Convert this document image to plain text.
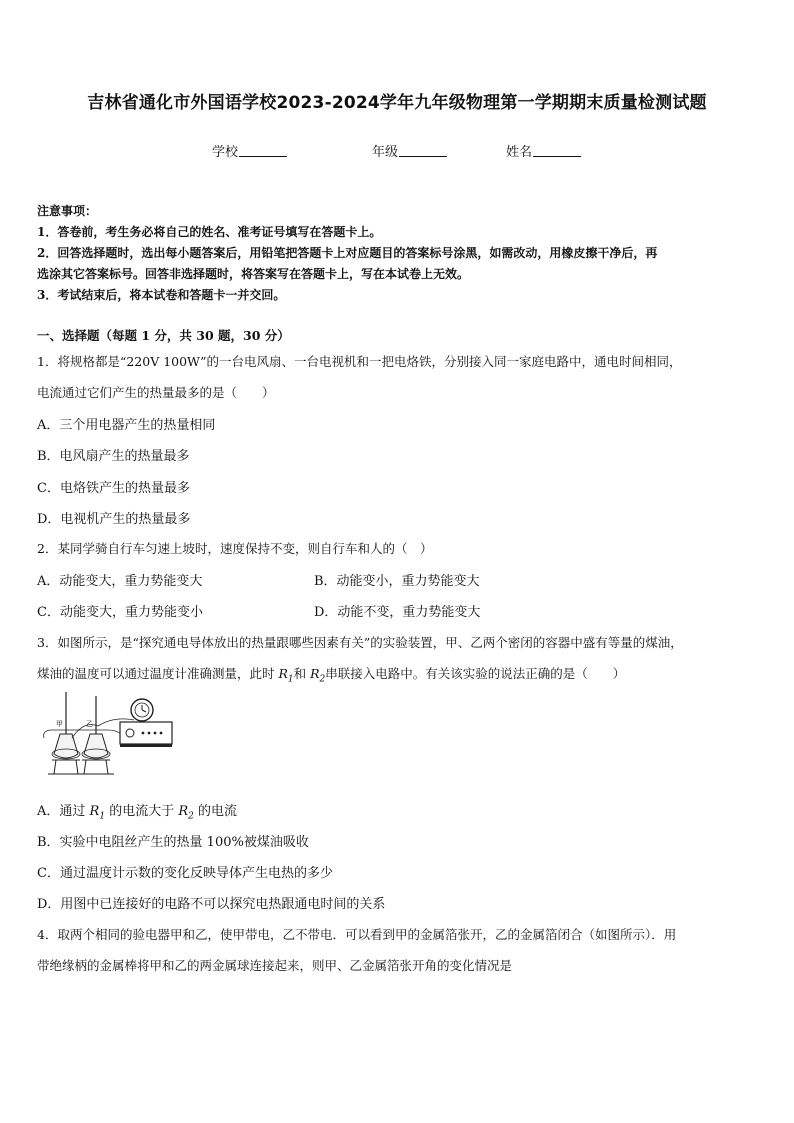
吉林省通化市外国语学校2023-2024学年九年级物理第一学期期末质量检测试题
学校	年级	姓名
注意事项：
1．答卷前，考生务必将自己的姓名、准考证号填写在答题卡上。
2．回答选择题时，选出每小题答案后，用铅笔把答题卡上对应题目的答案标号涂黑，如需改动，用橡皮擦干净后，再
选涂其它答案标号。回答非选择题时，将答案写在答题卡上，写在本试卷上无效。
3．考试结束后，将本试卷和答题卡一并交回。
一、选择题（每题 1 分，共 30 题，30 分）
1．将规格都是“220V 100W”的一台电风扇、一台电视机和一把电烙铁，分别接入同一家庭电路中，通电时间相同，
电流通过它们产生的热量最多的是（　　）
A．三个用电器产生的热量相同
B．电风扇产生的热量最多
C．电烙铁产生的热量最多
D．电视机产生的热量最多
2．某同学骑自行车匀速上坡时，速度保持不变，则自行车和人的（　）
A．动能变大，重力势能变大	B．动能变小，重力势能变大
C．动能变大，重力势能变小	D．动能不变，重力势能变大
3．如图所示，是“探究通电导体放出的热量跟哪些因素有关”的实验装置，甲、乙两个密闭的容器中盛有等量的煤油，
煤油的温度可以通过温度计准确测量，此时 $R_1$和 $R_2$串联接入电路中。有关该实验的说法正确的是（　　）
甲	乙
A．通过 $R_1$ 的电流大于 $R_2$ 的电流
B．实验中电阻丝产生的热量 100%被煤油吸收
C．通过温度计示数的变化反映导体产生电热的多少
D．用图中已连接好的电路不可以探究电热跟通电时间的关系
4．取两个相同的验电器甲和乙，使甲带电，乙不带电．可以看到甲的金属箔张开，乙的金属箔闭合（如图所示）．用
带绝缘柄的金属棒将甲和乙的两金属球连接起来，则甲、乙金属箔张开角的变化情况是
